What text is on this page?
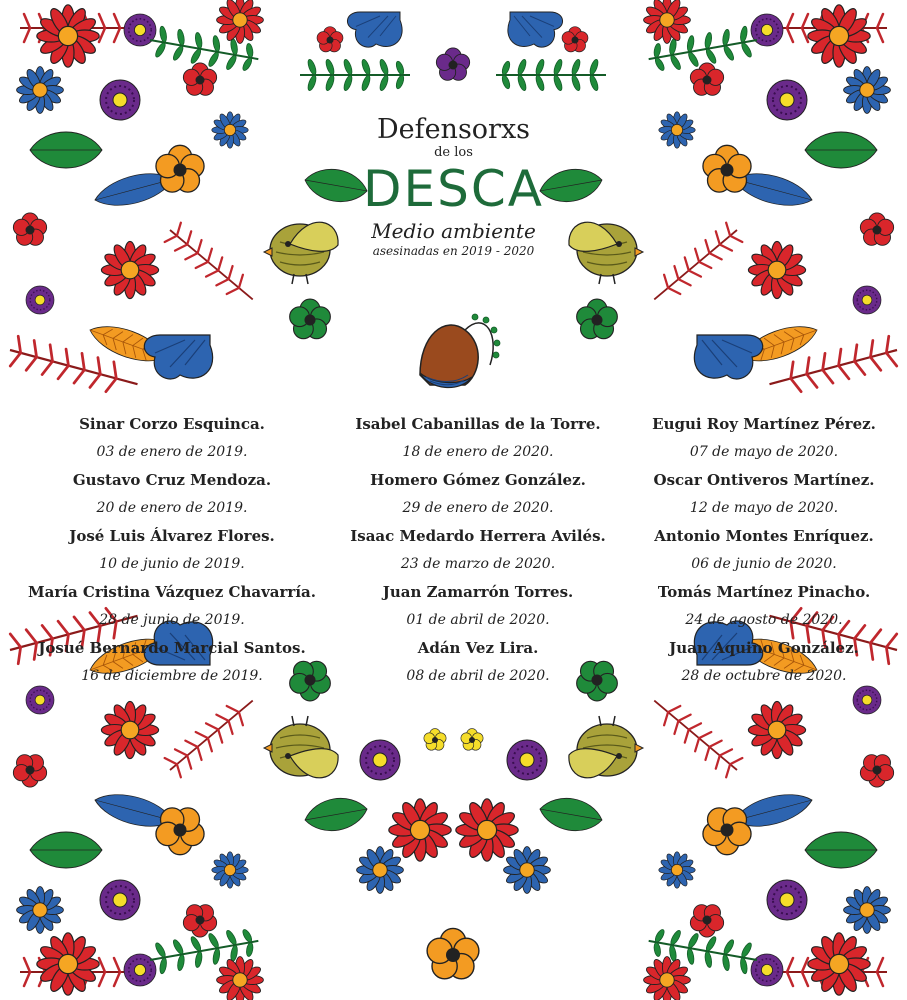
Defensorxs
de los
DESCA
Medio ambiente
asesinadas en 2019 - 2020
Sinar Corzo Esquinca.
03 de enero de 2019.
Gustavo Cruz Mendoza.
20 de enero de 2019.
José Luis Álvarez Flores.
10 de junio de 2019.
María Cristina Vázquez Chavarría.
28 de junio de 2019.
Josué Bernardo Marcial Santos.
16 de diciembre de 2019.
Isabel Cabanillas de la Torre.
18 de enero de 2020.
Homero Gómez González.
29 de enero de 2020.
Isaac Medardo Herrera Avilés.
23 de marzo de 2020.
Juan Zamarrón Torres.
01 de abril de 2020.
Adán Vez Lira.
08 de abril de 2020.
Eugui Roy Martínez Pérez.
07 de mayo de 2020.
Oscar Ontiveros Martínez.
12 de mayo de 2020.
Antonio Montes Enríquez.
06 de junio de 2020.
Tomás Martínez Pinacho.
24 de agosto de 2020.
Juan Aquino González.
28 de octubre de 2020.
